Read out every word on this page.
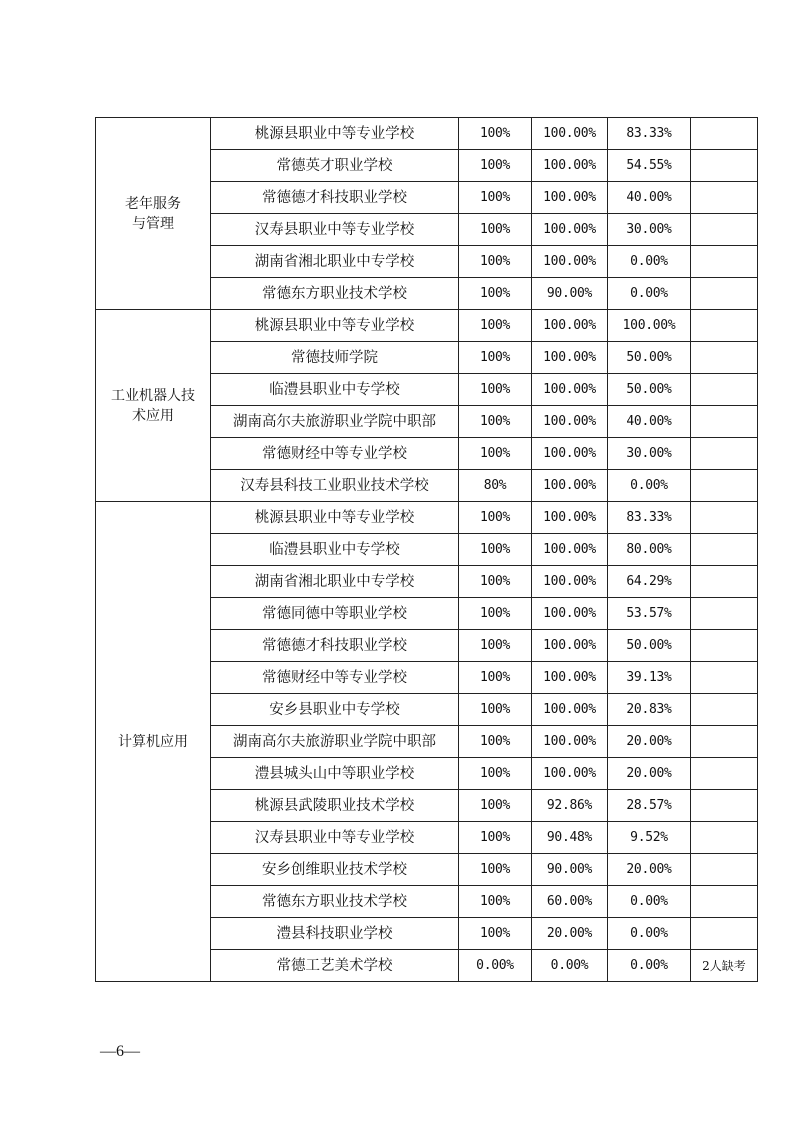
老年服务
与管理	桃源县职业中等专业学校	100%	100.00%	83.33%	
	常德英才职业学校	100%	100.00%	54.55%	
	常德德才科技职业学校	100%	100.00%	40.00%	
	汉寿县职业中等专业学校	100%	100.00%	30.00%	
	湖南省湘北职业中专学校	100%	100.00%	0.00%	
	常德东方职业技术学校	100%	90.00%	0.00%	
工业机器人技
术应用	桃源县职业中等专业学校	100%	100.00%	100.00%	
	常德技师学院	100%	100.00%	50.00%	
	临澧县职业中专学校	100%	100.00%	50.00%	
	湖南高尔夫旅游职业学院中职部	100%	100.00%	40.00%	
	常德财经中等专业学校	100%	100.00%	30.00%	
	汉寿县科技工业职业技术学校	80%	100.00%	0.00%	
计算机应用	桃源县职业中等专业学校	100%	100.00%	83.33%	
	临澧县职业中专学校	100%	100.00%	80.00%	
	湖南省湘北职业中专学校	100%	100.00%	64.29%	
	常德同德中等职业学校	100%	100.00%	53.57%	
	常德德才科技职业学校	100%	100.00%	50.00%	
	常德财经中等专业学校	100%	100.00%	39.13%	
	安乡县职业中专学校	100%	100.00%	20.83%	
	湖南高尔夫旅游职业学院中职部	100%	100.00%	20.00%	
	澧县城头山中等职业学校	100%	100.00%	20.00%	
	桃源县武陵职业技术学校	100%	92.86%	28.57%	
	汉寿县职业中等专业学校	100%	90.48%	9.52%	
	安乡创维职业技术学校	100%	90.00%	20.00%	
	常德东方职业技术学校	100%	60.00%	0.00%	
	澧县科技职业学校	100%	20.00%	0.00%	
	常德工艺美术学校	0.00%	0.00%	0.00%	2人缺考
—6—
